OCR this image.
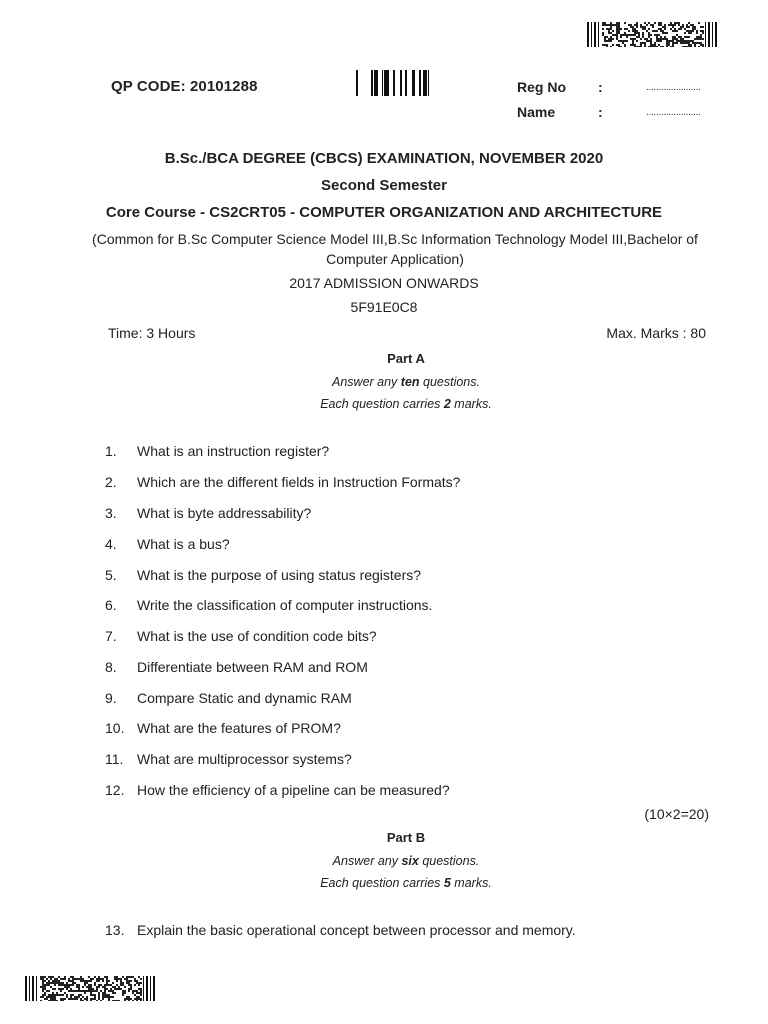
QP CODE: 20101288	Reg No :	......................
Name	:	......................
B.Sc./BCA DEGREE (CBCS) EXAMINATION, NOVEMBER 2020
Second Semester
Core Course - CS2CRT05 - COMPUTER ORGANIZATION AND ARCHITECTURE
(Common for B.Sc Computer Science Model III,B.Sc Information Technology Model III,Bachelor of
Computer Application)
2017 ADMISSION ONWARDS
5F91E0C8
Time: 3 Hours	Max. Marks : 80
Part A
Answer any ten questions.
Each question carries 2 marks.
1. What is an instruction register?
2. Which are the different fields in Instruction Formats?
3. What is byte addressability?
4. What is a bus?
5. What is the purpose of using status registers?
6. Write the classification of computer instructions.
7. What is the use of condition code bits?
8. Differentiate between RAM and ROM
9. Compare Static and dynamic RAM
10. What are the features of PROM?
11. What are multiprocessor systems?
12. How the efficiency of a pipeline can be measured?
(10×2=20)
Part B
Answer any six questions.
Each question carries 5 marks.
13. Explain the basic operational concept between processor and memory.
